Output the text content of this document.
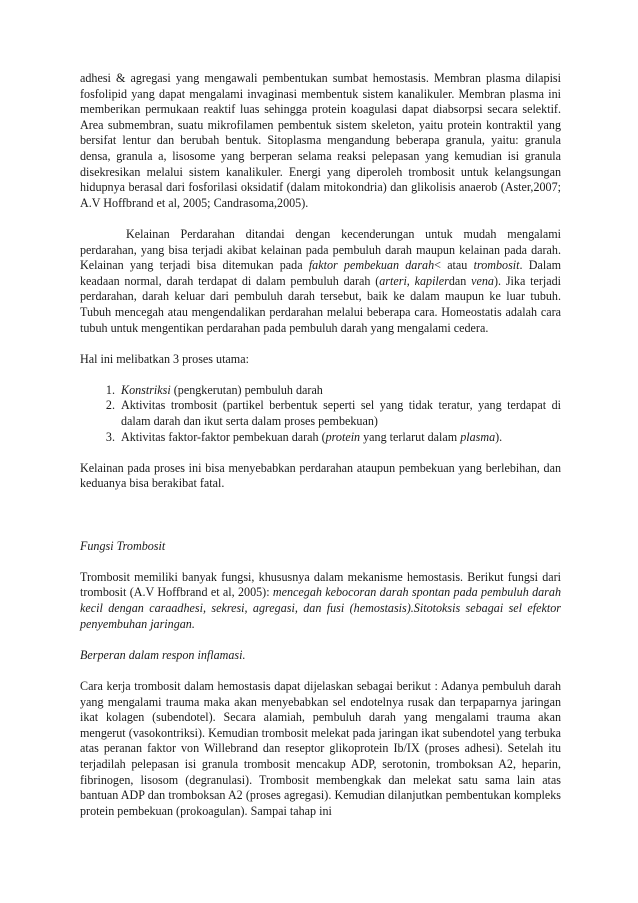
adhesi & agregasi yang mengawali pembentukan sumbat hemostasis. Membran plasma dilapisi fosfolipid yang dapat mengalami invaginasi membentuk sistem kanalikuler. Membran plasma ini memberikan permukaan reaktif luas sehingga protein koagulasi dapat diabsorpsi secara selektif. Area submembran, suatu mikrofilamen pembentuk sistem skeleton, yaitu protein kontraktil yang bersifat lentur dan berubah bentuk. Sitoplasma mengandung beberapa granula, yaitu: granula densa, granula a, lisosome yang berperan selama reaksi pelepasan yang kemudian isi granula disekresikan melalui sistem kanalikuler. Energi yang diperoleh trombosit untuk kelangsungan hidupnya berasal dari fosforilasi oksidatif (dalam mitokondria) dan glikolisis anaerob (Aster,2007; A.V Hoffbrand et al, 2005; Candrasoma,2005).

Kelainan Perdarahan ditandai dengan kecenderungan untuk mudah mengalami perdarahan, yang bisa terjadi akibat kelainan pada pembuluh darah maupun kelainan pada darah. Kelainan yang terjadi bisa ditemukan pada faktor pembekuan darah< atau trombosit. Dalam keadaan normal, darah terdapat di dalam pembuluh darah (arteri, kapilerdan vena). Jika terjadi perdarahan, darah keluar dari pembuluh darah tersebut, baik ke dalam maupun ke luar tubuh. Tubuh mencegah atau mengendalikan perdarahan melalui beberapa cara. Homeostatis adalah cara tubuh untuk mengentikan perdarahan pada pembuluh darah yang mengalami cedera.

Hal ini melibatkan 3 proses utama:

1. Konstriksi (pengkerutan) pembuluh darah
2. Aktivitas trombosit (partikel berbentuk seperti sel yang tidak teratur, yang terdapat di dalam darah dan ikut serta dalam proses pembekuan)
3. Aktivitas faktor-faktor pembekuan darah (protein yang terlarut dalam plasma).

Kelainan pada proses ini bisa menyebabkan perdarahan ataupun pembekuan yang berlebihan, dan keduanya bisa berakibat fatal.

Fungsi Trombosit

Trombosit memiliki banyak fungsi, khususnya dalam mekanisme hemostasis. Berikut fungsi dari trombosit (A.V Hoffbrand et al, 2005): mencegah kebocoran darah spontan pada pembuluh darah kecil dengan caraadhesi, sekresi, agregasi, dan fusi (hemostasis).Sitotoksis sebagai sel efektor penyembuhan jaringan.

Berperan dalam respon inflamasi.

Cara kerja trombosit dalam hemostasis dapat dijelaskan sebagai berikut : Adanya pembuluh darah yang mengalami trauma maka akan menyebabkan sel endotelnya rusak dan terpaparnya jaringan ikat kolagen (subendotel). Secara alamiah, pembuluh darah yang mengalami trauma akan mengerut (vasokontriksi). Kemudian trombosit melekat pada jaringan ikat subendotel yang terbuka atas peranan faktor von Willebrand dan reseptor glikoprotein Ib/IX (proses adhesi). Setelah itu terjadilah pelepasan isi granula trombosit mencakup ADP, serotonin, tromboksan A2, heparin, fibrinogen, lisosom (degranulasi). Trombosit membengkak dan melekat satu sama lain atas bantuan ADP dan tromboksan A2 (proses agregasi). Kemudian dilanjutkan pembentukan kompleks protein pembekuan (prokoagulan). Sampai tahap ini
